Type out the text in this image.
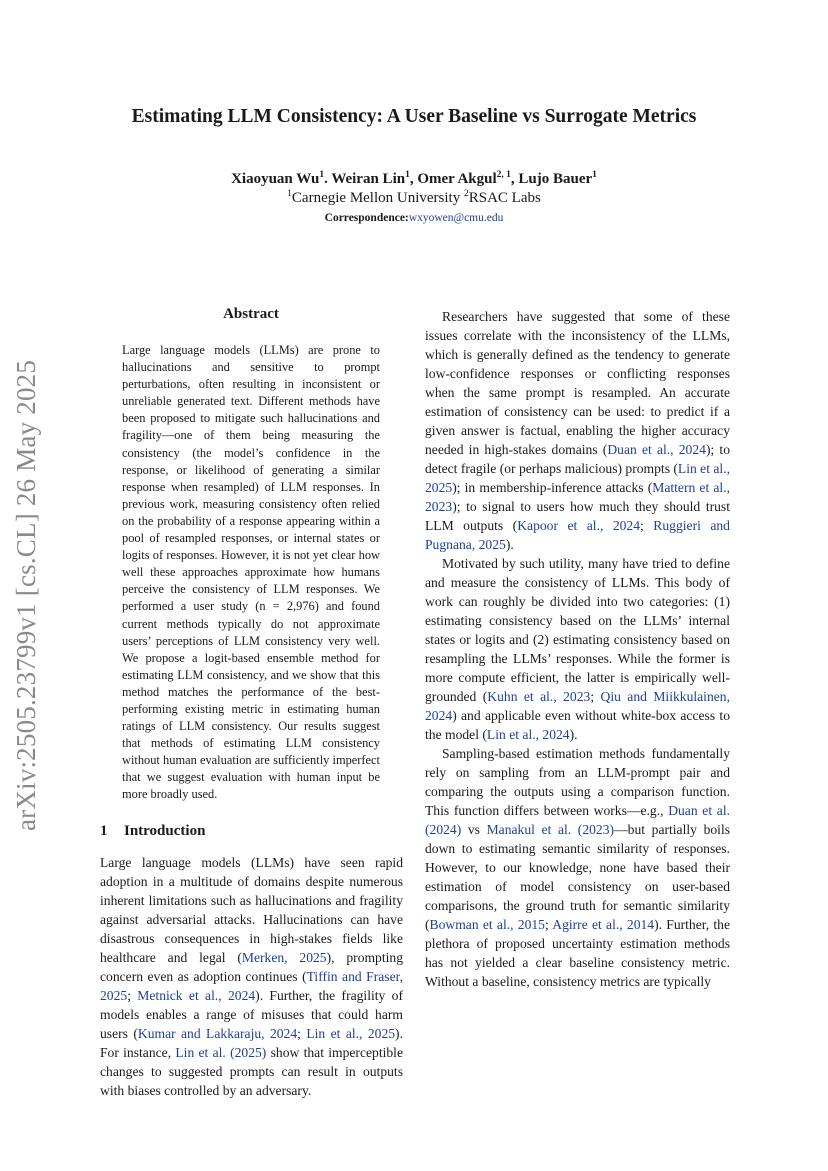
arXiv:2505.23799v1 [cs.CL] 26 May 2025
Estimating LLM Consistency: A User Baseline vs Surrogate Metrics
Xiaoyuan Wu$^1$. Weiran Lin$^1$, Omer Akgul$^{2, 1}$, Lujo Bauer$^1$
$^1$Carnegie Mellon University $^2$RSAC Labs
Correspondence:wxyowen@cmu.edu
Abstract

Large language models (LLMs) are prone to hallucinations and sensitive to prompt perturbations, often resulting in inconsistent or unreliable generated text. Different methods have been proposed to mitigate such hallucinations and fragility—one of them being measuring the consistency (the model’s confidence in the response, or likelihood of generating a similar response when resampled) of LLM responses. In previous work, measuring consistency often relied on the probability of a response appearing within a pool of resampled responses, or internal states or logits of responses. However, it is not yet clear how well these approaches approximate how humans perceive the consistency of LLM responses. We performed a user study (n = 2,976) and found current methods typically do not approximate users’ perceptions of LLM consistency very well. We propose a logit-based ensemble method for estimating LLM consistency, and we show that this method matches the performance of the best-performing existing metric in estimating human ratings of LLM consistency. Our results suggest that methods of estimating LLM consistency without human evaluation are sufficiently imperfect that we suggest evaluation with human input be more broadly used.

1 Introduction

Large language models (LLMs) have seen rapid adoption in a multitude of domains despite numerous inherent limitations such as hallucinations and fragility against adversarial attacks. Hallucinations can have disastrous consequences in high-stakes fields like healthcare and legal (Merken, 2025), prompting concern even as adoption continues (Tiffin and Fraser, 2025; Metnick et al., 2024). Further, the fragility of models enables a range of misuses that could harm users (Kumar and Lakkaraju, 2024; Lin et al., 2025). For instance, Lin et al. (2025) show that imperceptible changes to suggested prompts can result in outputs with biases controlled by an adversary.

Researchers have suggested that some of these issues correlate with the inconsistency of the LLMs, which is generally defined as the tendency to generate low-confidence responses or conflicting responses when the same prompt is resampled. An accurate estimation of consistency can be used: to predict if a given answer is factual, enabling the higher accuracy needed in high-stakes domains (Duan et al., 2024); to detect fragile (or perhaps malicious) prompts (Lin et al., 2025); in membership-inference attacks (Mattern et al., 2023); to signal to users how much they should trust LLM outputs (Kapoor et al., 2024; Ruggieri and Pugnana, 2025).

Motivated by such utility, many have tried to define and measure the consistency of LLMs. This body of work can roughly be divided into two categories: (1) estimating consistency based on the LLMs’ internal states or logits and (2) estimating consistency based on resampling the LLMs’ responses. While the former is more compute efficient, the latter is empirically well-grounded (Kuhn et al., 2023; Qiu and Miikkulainen, 2024) and applicable even without white-box access to the model (Lin et al., 2024).

Sampling-based estimation methods fundamentally rely on sampling from an LLM-prompt pair and comparing the outputs using a comparison function. This function differs between works—e.g., Duan et al. (2024) vs Manakul et al. (2023)—but partially boils down to estimating semantic similarity of responses. However, to our knowledge, none have based their estimation of model consistency on user-based comparisons, the ground truth for semantic similarity (Bowman et al., 2015; Agirre et al., 2014). Further, the plethora of proposed uncertainty estimation methods has not yielded a clear baseline consistency metric. Without a baseline, consistency metrics are typically
